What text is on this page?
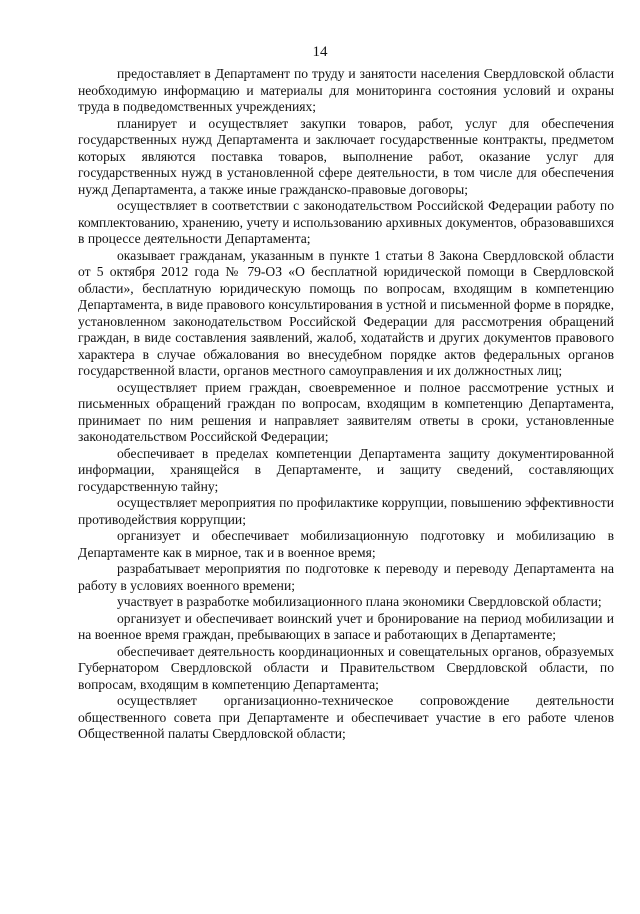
14

предоставляет в Департамент по труду и занятости населения Свердловской области необходимую информацию и материалы для мониторинга состояния условий и охраны труда в подведомственных учреждениях;

планирует и осуществляет закупки товаров, работ, услуг для обеспечения государственных нужд Департамента и заключает государственные контракты, предметом которых являются поставка товаров, выполнение работ, оказание услуг для государственных нужд в установленной сфере деятельности, в том числе для обеспечения нужд Департамента, а также иные гражданско-правовые договоры;

осуществляет в соответствии с законодательством Российской Федерации работу по комплектованию, хранению, учету и использованию архивных документов, образовавшихся в процессе деятельности Департамента;

оказывает гражданам, указанным в пункте 1 статьи 8 Закона Свердловской области от 5 октября 2012 года № 79-ОЗ «О бесплатной юридической помощи в Свердловской области», бесплатную юридическую помощь по вопросам, входящим в компетенцию Департамента, в виде правового консультирования в устной и письменной форме в порядке, установленном законодательством Российской Федерации для рассмотрения обращений граждан, в виде составления заявлений, жалоб, ходатайств и других документов правового характера в случае обжалования во внесудебном порядке актов федеральных органов государственной власти, органов местного самоуправления и их должностных лиц;

осуществляет прием граждан, своевременное и полное рассмотрение устных и письменных обращений граждан по вопросам, входящим в компетенцию Департамента, принимает по ним решения и направляет заявителям ответы в сроки, установленные законодательством Российской Федерации;

обеспечивает в пределах компетенции Департамента защиту документированной информации, хранящейся в Департаменте, и защиту сведений, составляющих государственную тайну;

осуществляет мероприятия по профилактике коррупции, повышению эффективности противодействия коррупции;

организует и обеспечивает мобилизационную подготовку и мобилизацию в Департаменте как в мирное, так и в военное время;

разрабатывает мероприятия по подготовке к переводу и переводу Департамента на работу в условиях военного времени;

участвует в разработке мобилизационного плана экономики Свердловской области;

организует и обеспечивает воинский учет и бронирование на период мобилизации и на военное время граждан, пребывающих в запасе и работающих в Департаменте;

обеспечивает деятельность координационных и совещательных органов, образуемых Губернатором Свердловской области и Правительством Свердловской области, по вопросам, входящим в компетенцию Департамента;

осуществляет организационно-техническое сопровождение деятельности общественного совета при Департаменте и обеспечивает участие в его работе членов Общественной палаты Свердловской области;
